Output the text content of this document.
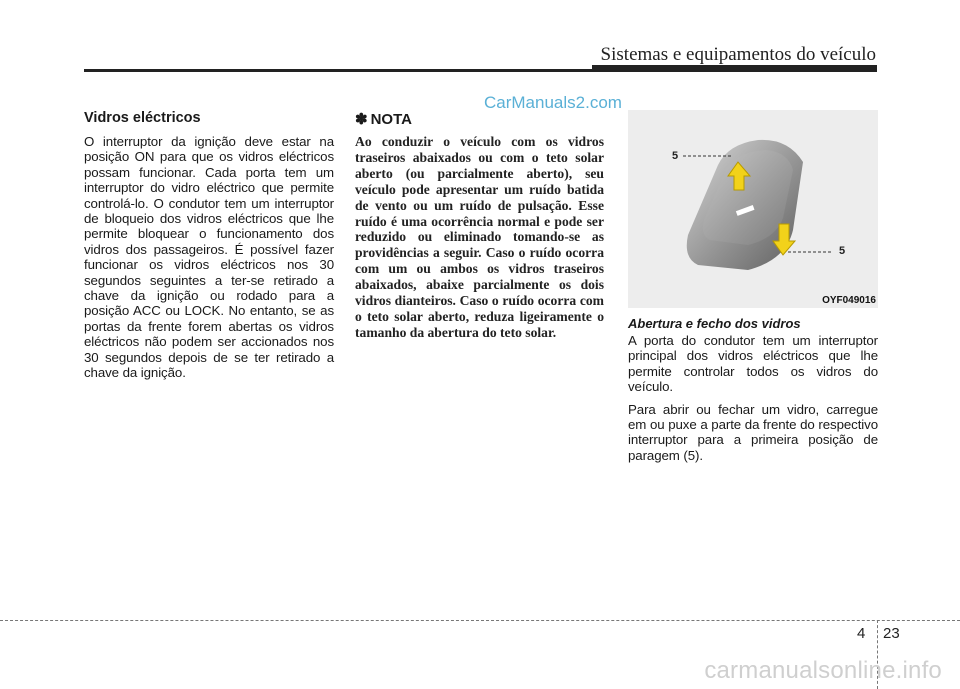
Sistemas e equipamentos do veículo
CarManuals2.com
Vidros eléctricos

O interruptor da ignição deve estar na posição ON para que os vidros eléctricos possam funcionar. Cada porta tem um interruptor do vidro eléctrico que permite controlá-lo. O condutor tem um interruptor de bloqueio dos vidros eléctricos que lhe permite bloquear o funcionamento dos vidros dos passageiros. É possível fazer funcionar os vidros eléctricos nos 30 segundos seguintes a ter-se retirado a chave da ignição ou rodado para a posição ACC ou LOCK. No entanto, se as portas da frente forem abertas os vidros eléctricos não podem ser accionados nos 30 segundos depois de se ter retirado a chave da ignição.

✽ NOTA

Ao conduzir o veículo com os vidros traseiros abaixados ou com o teto solar aberto (ou parcialmente aberto), seu veículo pode apresentar um ruído batida de vento ou um ruído de pulsação. Esse ruído é uma ocorrência normal e pode ser reduzido ou eliminado tomando-se as providências a seguir. Caso o ruído ocorra com um ou ambos os vidros traseiros abaixados, abaixe parcialmente os dois vidros dianteiros. Caso o ruído ocorra com o teto solar aberto, reduza ligeiramente o tamanho da abertura do teto solar.

5
5
OYF049016

Abertura e fecho dos vidros

A porta do condutor tem um interruptor principal dos vidros eléctricos que lhe permite controlar todos os vidros do veículo.

Para abrir ou fechar um vidro, carregue em ou puxe a parte da frente do respectivo interruptor para a primeira posição de paragem (5).

4 23
carmanualsonline.info
